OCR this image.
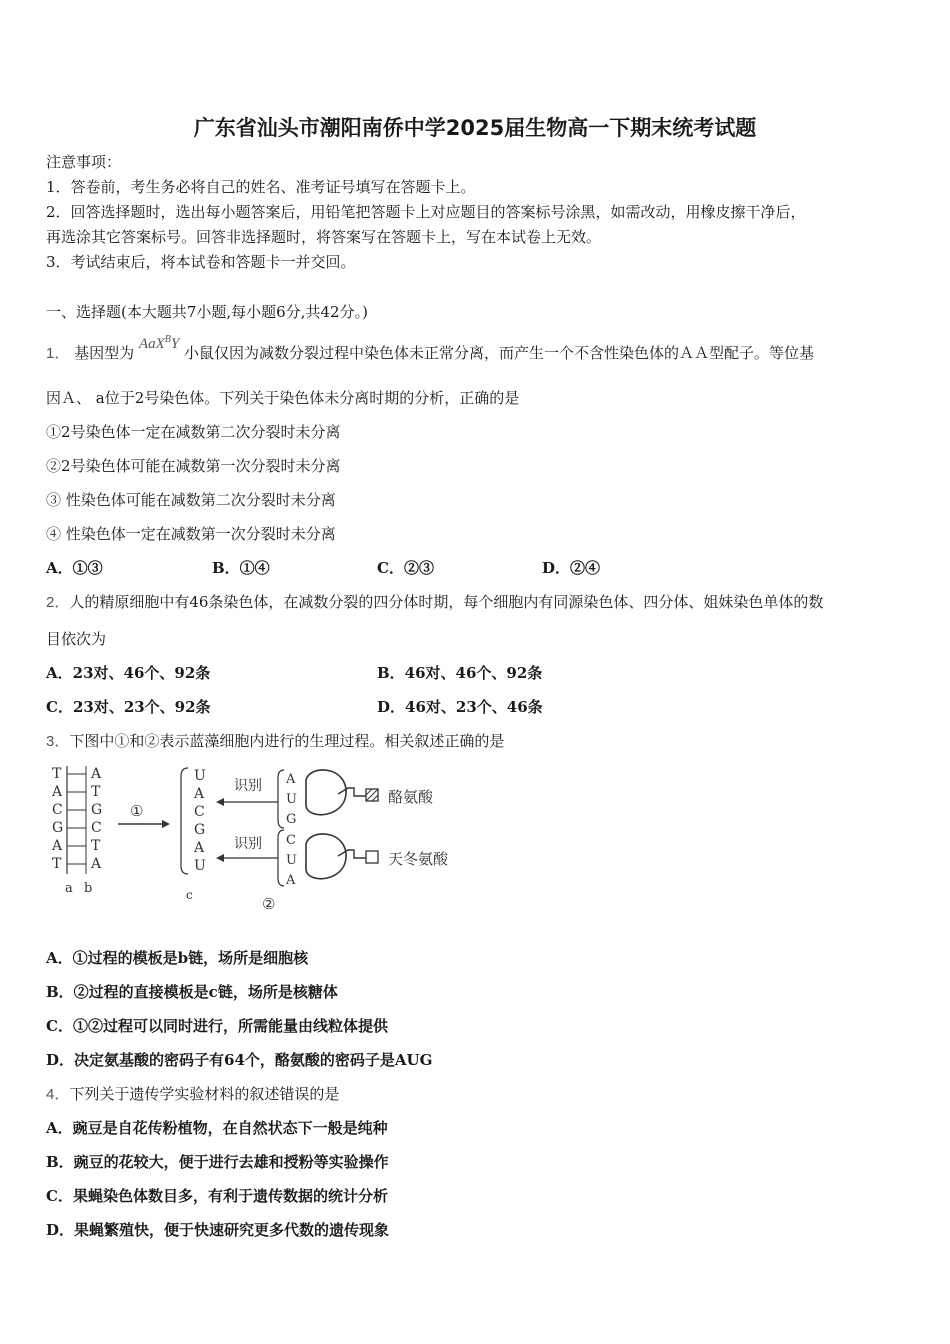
广东省汕头市潮阳南侨中学2025届生物高一下期末统考试题
注意事项：
1．答卷前，考生务必将自己的姓名、准考证号填写在答题卡上。
2．回答选择题时，选出每小题答案后，用铅笔把答题卡上对应题目的答案标号涂黑，如需改动，用橡皮擦干净后，
再选涂其它答案标号。回答非选择题时，将答案写在答题卡上，写在本试卷上无效。
3．考试结束后，将本试卷和答题卡一并交回。
一、选择题(本大题共7小题,每小题6分,共42分。)
1． 基因型为 AaX$^B$Y 小鼠仅因为减数分裂过程中染色体未正常分离，而产生一个不含性染色体的ＡＡ型配子。等位基
因Ａ、 a位于2号染色体。下列关于染色体未分离时期的分析，正确的是
①2号染色体一定在减数第二次分裂时未分离
②2号染色体可能在减数第一次分裂时未分离
③ 性染色体可能在减数第二次分裂时未分离
④ 性染色体一定在减数第一次分裂时未分离
A．①③	B．①④	C．②③	D．②④
2．人的精原细胞中有46条染色体，在减数分裂的四分体时期，每个细胞内有同源染色体、四分体、姐妹染色单体的数
目依次为
A．23对、46个、92条	B．46对、46个、92条
C．23对、23个、92条	D．46对、23个、46条
3．下图中①和②表示蓝藻细胞内进行的生理过程。相关叙述正确的是
T
A
C
G
A
T
A
T
G
C
T
A
a b
①
U
A
C
G
A
U
c
识别
识别
A
U
G
酪氨酸
C
U
A
天冬氨酸
②
A．①过程的模板是b链，场所是细胞核
B．②过程的直接模板是c链，场所是核糖体
C．①②过程可以同时进行，所需能量由线粒体提供
D．决定氨基酸的密码子有64个，酪氨酸的密码子是AUG
4．下列关于遗传学实验材料的叙述错误的是
A．豌豆是自花传粉植物，在自然状态下一般是纯种
B．豌豆的花较大，便于进行去雄和授粉等实验操作
C．果蝇染色体数目多，有利于遗传数据的统计分析
D．果蝇繁殖快，便于快速研究更多代数的遗传现象
